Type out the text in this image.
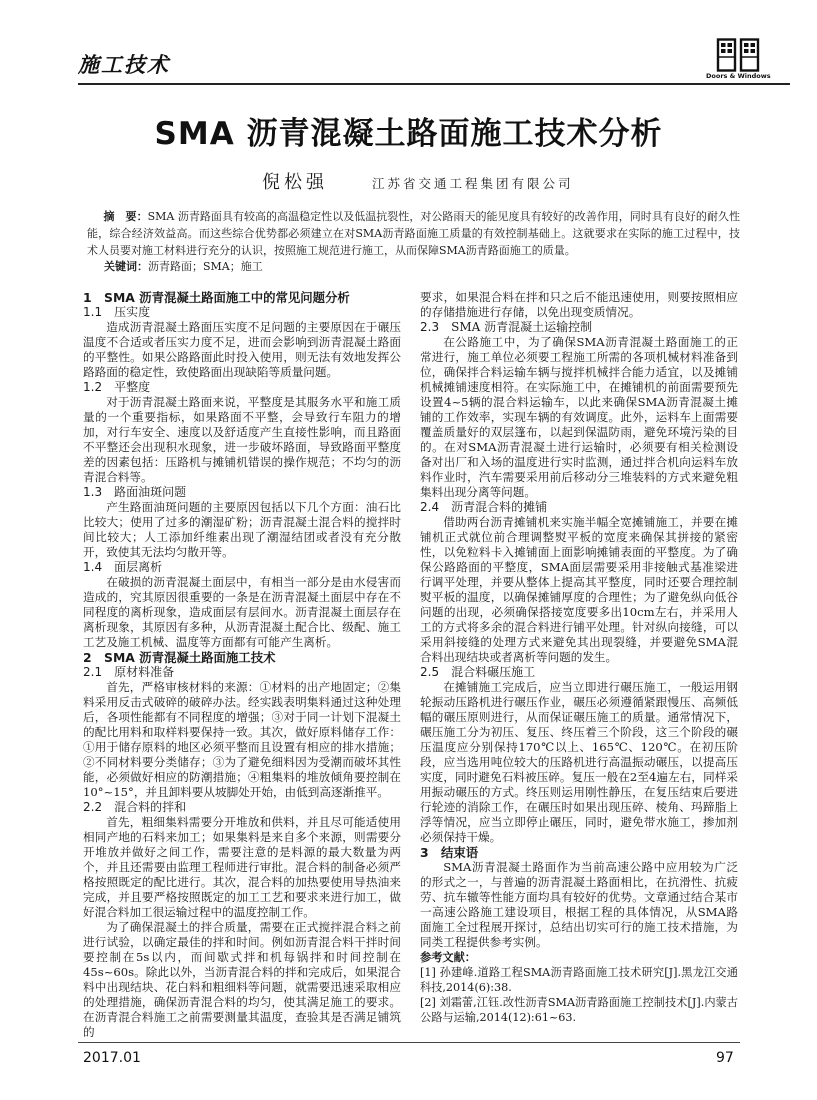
施工技术	Doors & Windows
SMA 沥青混凝土路面施工技术分析
倪松强	江苏省交通工程集团有限公司
摘　要：SMA 沥青路面具有较高的高温稳定性以及低温抗裂性，对公路雨天的能见度具有较好的改善作用，同时具有良好的耐久性能，综合经济效益高。而这些综合优势都必须建立在对SMA沥青路面施工质量的有效控制基础上。这就要求在实际的施工过程中，技术人员要对施工材料进行充分的认识，按照施工规范进行施工，从而保障SMA沥青路面施工的质量。
关键词：沥青路面；SMA；施工
1 SMA 沥青混凝土路面施工中的常见问题分析
1.1 压实度

造成沥青混凝土路面压实度不足问题的主要原因在于碾压温度不合适或者压实力度不足，进而会影响到沥青混凝土路面的平整性。如果公路路面此时投入使用，则无法有效地发挥公路路面的稳定性，致使路面出现缺陷等质量问题。

1.2 平整度

对于沥青混凝土路面来说，平整度是其服务水平和施工质量的一个重要指标，如果路面不平整，会导致行车阻力的增加，对行车安全、速度以及舒适度产生直接性影响，而且路面不平整还会出现积水现象，进一步破坏路面，导致路面平整度差的因素包括：压路机与摊铺机错误的操作规范；不均匀的沥青混合料等。

1.3 路面油斑问题

产生路面油斑问题的主要原因包括以下几个方面：油石比比较大；使用了过多的潮湿矿粉；沥青混凝土混合料的搅拌时间比较大；人工添加纤维素出现了潮湿结团或者没有充分散开，致使其无法均匀散开等。

1.4 面层离析

在破损的沥青混凝土面层中，有相当一部分是由水侵害而造成的，究其原因很重要的一条是在沥青混凝土面层中存在不同程度的离析现象，造成面层有层间水。沥青混凝土面层存在离析现象，其原因有多种，从沥青混凝土配合比、级配、施工工艺及施工机械、温度等方面都有可能产生离析。

2 SMA 沥青混凝土路面施工技术
2.1 原材料准备

首先，严格审核材料的来源：①材料的出产地固定；②集料采用反击式破碎的破碎办法。经实践表明集料通过这种处理后，各项性能都有不同程度的增强；③对于同一计划下混凝土的配比用料和取样料要保持一致。其次，做好原料储存工作：①用于储存原料的地区必须平整而且设置有相应的排水措施；②不同材料要分类储存；③为了避免细料因为受潮而破坏其性能，必须做好相应的防潮措施；④粗集料的堆放倾角要控制在10°~15°，并且卸料要从坡脚处开始，由低到高逐渐推平。

2.2 混合料的拌和

首先，粗细集料需要分开堆放和供料，并且尽可能适使用相同产地的石料来加工；如果集料是来自多个来源，则需要分开堆放并做好之间工作，需要注意的是料源的最大数量为两个，并且还需要由监理工程师进行审批。混合料的制备必须严格按照既定的配比进行。其次，混合料的加热要使用导热油来完成，并且要严格按照既定的加工工艺和要求来进行加工，做好混合料加工很运输过程中的温度控制工作。

为了确保混凝土的拌合质量，需要在正式搅拌混合料之前进行试验，以确定最佳的拌和时间。例如沥青混合料干拌时间要控制在5s以内，而间歇式拌和机每锅拌和时间控制在45s~60s。除此以外，当沥青混合料的拌和完成后，如果混合料中出现结块、花白料和粗细料等问题，就需要迅速采取相应的处理措施，确保沥青混合料的均匀，使其满足施工的要求。在沥青混合料施工之前需要测量其温度，查验其是否满足铺筑的

要求，如果混合料在拌和只之后不能迅速使用，则要按照相应的存储措施进行存储，以免出现变质情况。

2.3 SMA 沥青混凝土运输控制

在公路施工中，为了确保SMA沥青混凝土路面施工的正常进行，施工单位必须要工程施工所需的各项机械材料准备到位，确保拌合料运输车辆与搅拌机械拌合能力适宜，以及摊铺机械摊铺速度相符。在实际施工中，在摊铺机的前面需要预先设置4~5辆的混合料运输车，以此来确保SMA沥青混凝土摊铺的工作效率，实现车辆的有效调度。此外，运料车上面需要覆盖质量好的双层篷布，以起到保温防雨，避免环境污染的目的。在对SMA沥青混凝土进行运输时，必须要有相关检测设备对出厂和入场的温度进行实时监测，通过拌合机向运料车放料作业时，汽车需要采用前后移动分三堆装料的方式来避免粗集料出现分离等问题。

2.4 沥青混合料的摊铺

借助两台沥青摊铺机来实施半幅全宽摊铺施工，并要在摊铺机正式就位前合理调整熨平板的宽度来确保其拼接的紧密性，以免粒料卡入摊铺面上面影响摊铺表面的平整度。为了确保公路路面的平整度，SMA面层需要采用非接触式基准梁进行调平处理，并要从整体上提高其平整度，同时还要合理控制熨平板的温度，以确保摊铺厚度的合理性；为了避免纵向低谷问题的出现，必须确保搭接宽度要多出10cm左右，并采用人工的方式将多余的混合料进行铺平处理。针对纵向接缝，可以采用斜接缝的处理方式来避免其出现裂缝，并要避免SMA混合料出现结块或者离析等问题的发生。

2.5 混合料碾压施工

在摊铺施工完成后，应当立即进行碾压施工，一般运用钢轮振动压路机进行碾压作业，碾压必须遵循紧跟慢压、高频低幅的碾压原则进行，从而保证碾压施工的质量。通常情况下，碾压施工分为初压、复压、终压着三个阶段，这三个阶段的碾压温度应分别保持170℃以上、165℃、120℃。在初压阶段，应当选用吨位较大的压路机进行高温振动碾压，以提高压实度，同时避免石料被压碎。复压一般在2至4遍左右，同样采用振动碾压的方式。终压则运用刚性静压，在复压结束后要进行轮迹的消除工作，在碾压时如果出现压碎、棱角、玛蹄脂上浮等情况，应当立即停止碾压，同时，避免带水施工，掺加剂必须保持干燥。

3 结束语

SMA沥青混凝土路面作为当前高速公路中应用较为广泛的形式之一，与普遍的沥青混凝土路面相比，在抗滑性、抗疲劳、抗车辙等性能方面均具有较好的优势。文章通过结合某市一高速公路施工建设项目，根据工程的具体情况，从SMA路面施工全过程展开探讨，总结出切实可行的施工技术措施，为同类工程提供参考实例。

参考文献：

[1] 孙建峰.道路工程SMA沥青路面施工技术研究[J].黑龙江交通科技,2014(6):38.

[2] 刘霜蕾,江钰.改性沥青SMA沥青路面施工控制技术[J].内蒙古公路与运输,2014(12):61~63.

2017.01	97
